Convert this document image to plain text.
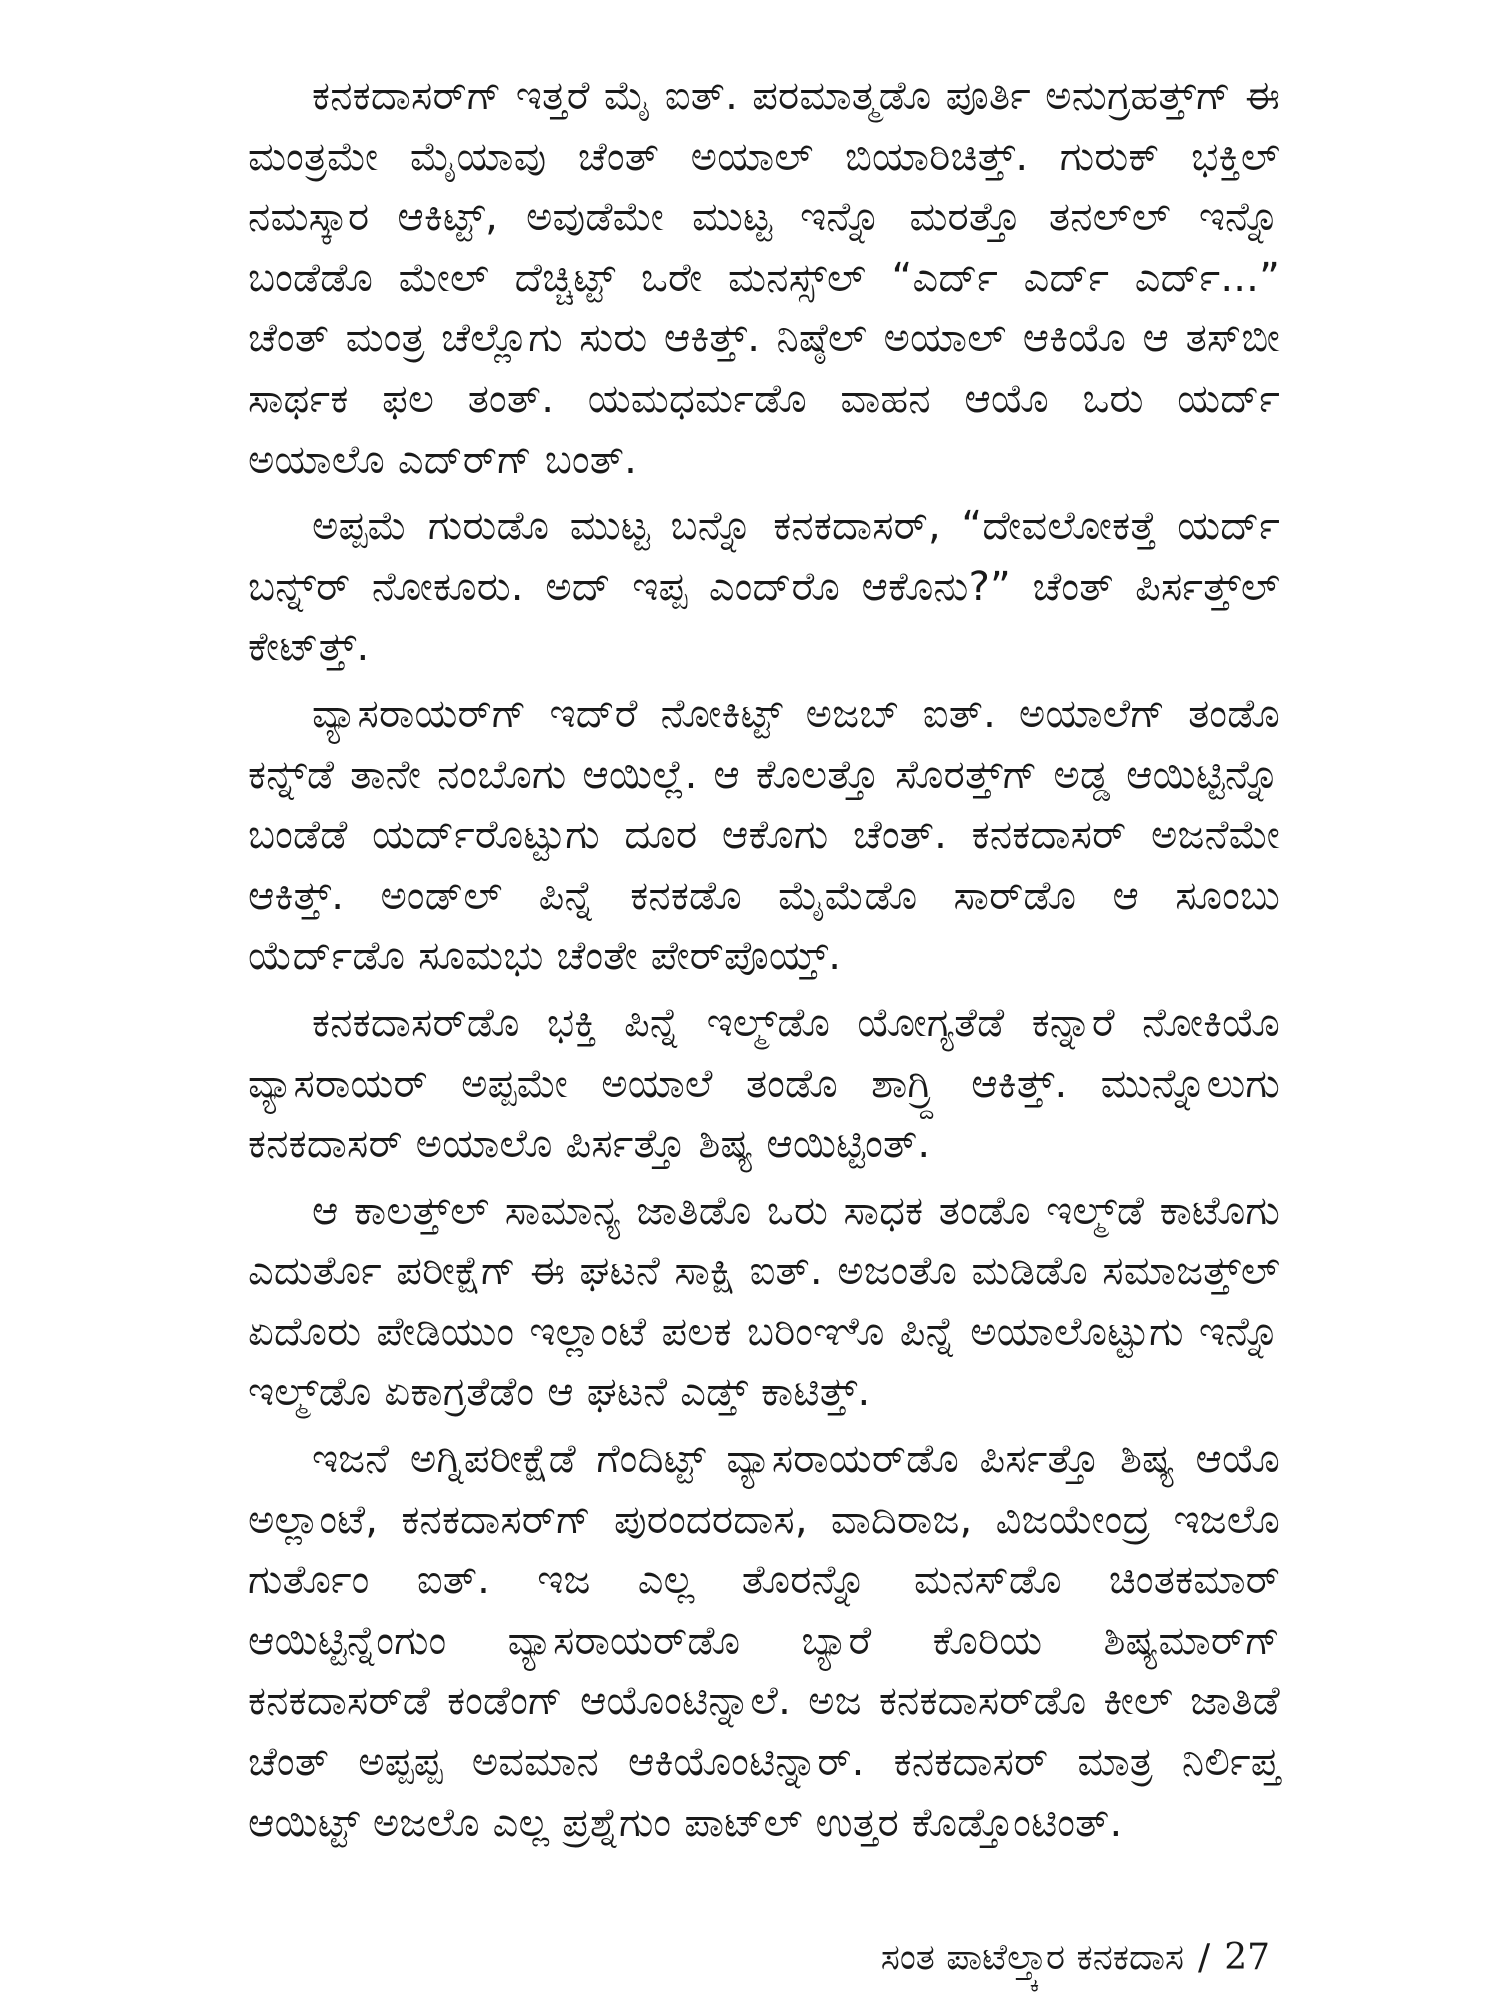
ಕನಕದಾಸರ್‌ಗ್ ಇತ್ತರೆ ಮೈ ಐತ್. ಪರಮಾತ್ಮಡೊ ಪೂರ್ತಿ ಅನುಗ್ರಹತ್ತ್‌ಗ್ ಈ ಮಂತ್ರಮೇ ಮೈಯಾವು ಚೆಂತ್ ಅಯಾಲ್ ಬಿಯಾರಿಚಿತ್ತ್. ಗುರುಕ್ ಭಕ್ತಿಲ್ ನಮಸ್ಕಾರ ಆಕಿಟ್ಟ್, ಅವುಡೆಮೇ ಮುಟ್ಟ ಇನ್ನೊ ಮರತ್ತೊ ತನಲ್‌ಲ್ ಇನ್ನೊ ಬಂಡೆಡೊ ಮೇಲ್ ದೆಚ್ಚಿಟ್ಟ್ ಒರೇ ಮನಸ್ಸ್‌ಲ್ “ಎರ್ದ್ ಎರ್ದ್ ಎರ್ದ್...” ಚೆಂತ್ ಮಂತ್ರ ಚೆಲ್ಲೊಗು ಸುರು ಆಕಿತ್ತ್. ನಿಷ್ಠೆಲ್ ಅಯಾಲ್ ಆಕಿಯೊ ಆ ತಸ್‌ಬೀ ಸಾರ್ಥಕ ಫಲ ತಂತ್. ಯಮಧರ್ಮಡೊ ವಾಹನ ಆಯೊ ಒರು ಯರ್ದ್ ಅಯಾಲೊ ಎದ್‌ರ್‌ಗ್ ಬಂತ್.

ಅಪ್ಪಮೆ ಗುರುಡೊ ಮುಟ್ಟ ಬನ್ನೊ ಕನಕದಾಸರ್, “ದೇವಲೋಕತ್ತೆ ಯರ್ದ್ ಬನ್ನ್‌ರ್ ನೋಕೂರು. ಅದ್ ಇಪ್ಪ ಎಂದ್‌ರೊ ಆಕೊನು?” ಚೆಂತ್ ಪಿರ್ಸತ್ತ್‌ಲ್ ಕೇಟ್‌ತ್ತ್.

ವ್ಯಾಸರಾಯರ್‌ಗ್ ಇದ್‌ರೆ ನೋಕಿಟ್ಟ್ ಅಜಬ್ ಐತ್. ಅಯಾಲೆಗ್ ತಂಡೊ ಕನ್ನ್‌ಡೆ ತಾನೇ ನಂಬೊಗು ಆಯಿಲ್ಲೆ. ಆ ಕೊಲತ್ತೊ ಸೊರತ್ತ್‌ಗ್ ಅಡ್ಡ ಆಯಿಟ್ಟಿನ್ನೊ ಬಂಡೆಡೆ ಯರ್ದ್‌ರೊಟ್ಟುಗು ದೂರ ಆಕೊಗು ಚೆಂತ್. ಕನಕದಾಸರ್ ಅಜನೆಮೇ ಆಕಿತ್ತ್. ಅಂಡ್‌ಲ್ ಪಿನ್ನೆ ಕನಕಡೊ ಮೈಮೆಡೊ ಸಾರ್‌ಡೊ ಆ ಸೂಂಬು ಯೆರ್ದ್‌ಡೊ ಸೂಮಭು ಚೆಂತೇ ಪೇರ್‌ಪೊಯ್ತ್.

ಕನಕದಾಸರ್‌ಡೊ ಭಕ್ತಿ ಪಿನ್ನೆ ಇಲ್ಮ್‌ಡೊ ಯೋಗ್ಯತೆಡೆ ಕನ್ನಾರೆ ನೋಕಿಯೊ ವ್ಯಾಸರಾಯರ್ ಅಪ್ಪಮೇ ಅಯಾಲೆ ತಂಡೊ ಶಾಗ್ರ್ದಿ ಆಕಿತ್ತ್. ಮುನ್ನೊಲುಗು ಕನಕದಾಸರ್ ಅಯಾಲೊ ಪಿರ್ಸತ್ತೊ ಶಿಷ್ಯ ಆಯಿಟ್ಟಿಂತ್.

ಆ ಕಾಲತ್ತ್‌ಲ್ ಸಾಮಾನ್ಯ ಜಾತಿಡೊ ಒರು ಸಾಧಕ ತಂಡೊ ಇಲ್ಮ್‌ಡೆ ಕಾಟೊಗು ಎದುರ್ತೊ ಪರೀಕ್ಷೆಗ್ ಈ ಘಟನೆ ಸಾಕ್ಷಿ ಐತ್. ಅಜಂತೊ ಮಡಿಡೊ ಸಮಾಜತ್ತ್‌ಲ್ ಏದೊರು ಪೇಡಿಯುಂ ಇಲ್ಲಾಂಟೆ ಪಲಕ ಬರಿಂಞೊ ಪಿನ್ನೆ ಅಯಾಲೊಟ್ಟುಗು ಇನ್ನೊ ಇಲ್ಮ್‌ಡೊ ಏಕಾಗ್ರತೆಡೆಂ ಆ ಘಟನೆ ಎಡ್ತ್ ಕಾಟಿತ್ತ್.

ಇಜನೆ ಅಗ್ನಿಪರೀಕ್ಷೆಡೆ ಗೆಂದಿಟ್ಟ್ ವ್ಯಾಸರಾಯರ್‌ಡೊ ಪಿರ್ಸತ್ತೊ ಶಿಷ್ಯ ಆಯೊ ಅಲ್ಲಾಂಟೆ, ಕನಕದಾಸರ್‌ಗ್ ಪುರಂದರದಾಸ, ವಾದಿರಾಜ, ವಿಜಯೇಂದ್ರ ಇಜಲೊ ಗುರ್ತೊಂ ಐತ್. ಇಜ ಎಲ್ಲ ತೊರನ್ನೊ ಮನಸ್‌ಡೊ ಚಿಂತಕಮಾರ್ ಆಯಿಟ್ಟಿನ್ನೆಂಗುಂ ವ್ಯಾಸರಾಯರ್‌ಡೊ ಬ್ಯಾರೆ ಕೊರಿಯ ಶಿಷ್ಯಮಾರ್‌ಗ್ ಕನಕದಾಸರ್‌ಡೆ ಕಂಡೆಂಗ್ ಆಯೊಂಟಿನ್ನಾಲೆ. ಅಜ ಕನಕದಾಸರ್‌ಡೊ ಕೀಲ್ ಜಾತಿಡೆ ಚೆಂತ್ ಅಪ್ಪಪ್ಪ ಅವಮಾನ ಆಕಿಯೊಂಟಿನ್ನಾರ್. ಕನಕದಾಸರ್ ಮಾತ್ರ ನಿರ್ಲಿಪ್ತ ಆಯಿಟ್ಟ್ ಅಜಲೊ ಎಲ್ಲ ಪ್ರಶ್ನೆಗುಂ ಪಾಟ್‌ಲ್ ಉತ್ತರ ಕೊಡ್ತೊಂಟಿಂತ್.

ಸಂತ ಪಾಟೆಲ್ತ್ಕಾರ ಕನಕದಾಸ / 27
